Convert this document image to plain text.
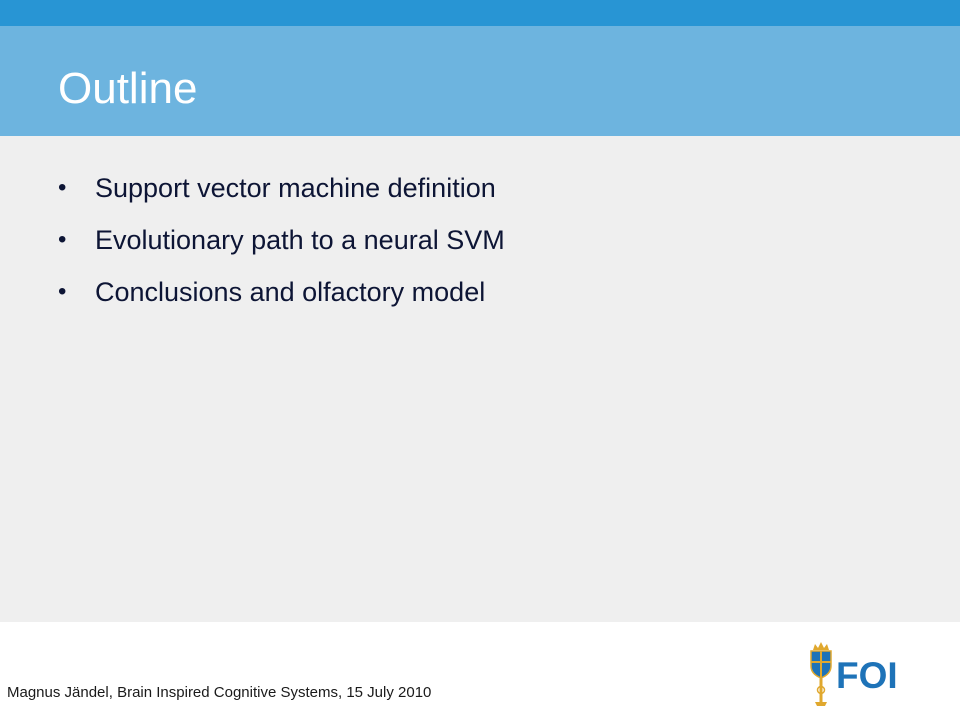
Outline
• Support vector machine definition
• Evolutionary path to a neural SVM
• Conclusions and olfactory model
Magnus Jändel, Brain Inspired Cognitive Systems, 15 July 2010	FOI
